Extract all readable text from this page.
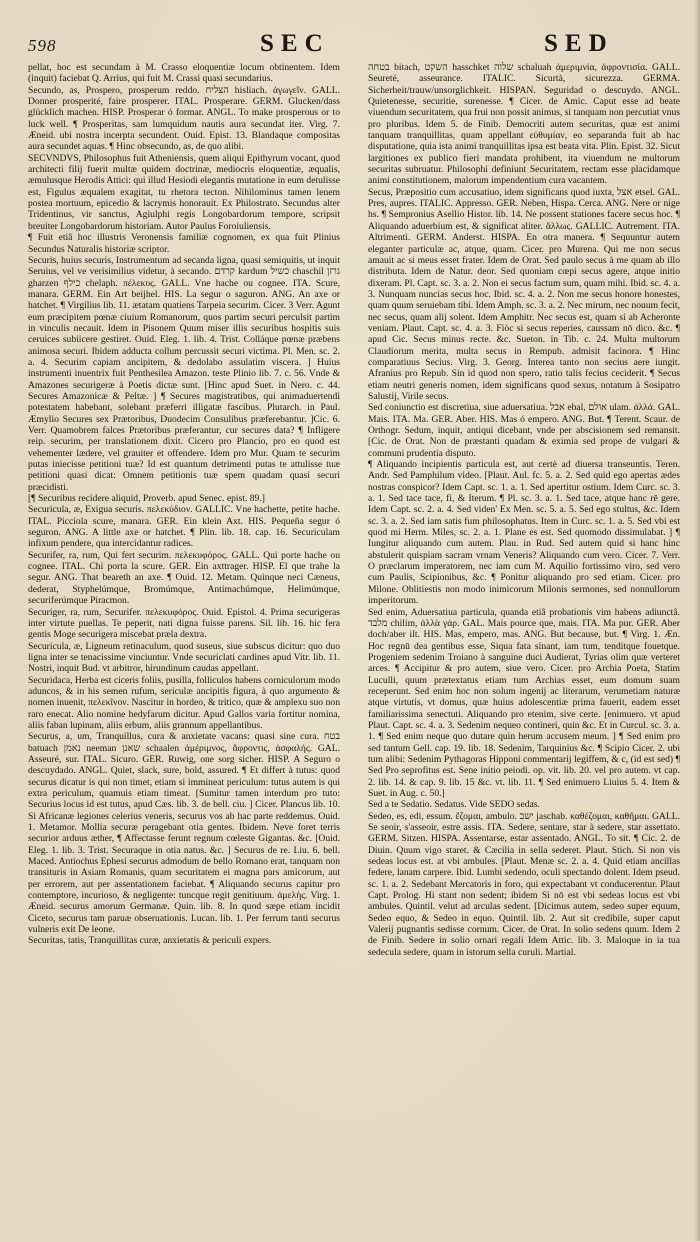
598	SEC	SED

pellat, hoc est secundam à M. Crasso eloquentiæ locum obtinentem. Idem (inquit) faciebat Q. Arrius, qui fuit M. Crassi quasi secundarius.

Secundo, as, Prospero, prosperum reddo. הצליח hisliach. ἀγωγεῖν. GALL. Donner prosperité, faire prosperer. ITAL. Prosperare. GERM. Glucken/dass glücklich machen. HISP. Prosperar ó formar. ANGL. To make prosperous or to luck well. ¶ Prosperitas, sam lumquidum nautis aura secundat iter. Virg. 7. Æneid. ubi nostra incerpta secundent. Ouid. Epist. 13. Blandaque compositas aura secundet aquas. ¶ Hinc obsecundo, as, de quo alibi.

SECVNDVS, Philosophus fuit Atheniensis, quem aliqui Epithyrum vocant, quod architecti filij fuerit multæ quidem doctrinæ, mediocris eloquentiæ, æqualis, æmulusque Herodis Attici: qui illud Hesiodi elegantis mutatione in eum detulisse est, Figulus æqualem exagitat, tu rhetora tecton. Nihilominus tamen lenem postea mortuum, epicedio & lacrymis honorauit. Ex Philostrato. Secundus alter Tridentinus, vir sanctus, Agiulphi regis Longobardorum tempore, scripsit breuiter Longobardorum historiam. Autor Paulus Foroiuliensis.

¶ Fuit etiâ hoc illustris Veronensis familiæ cognomen, ex qua fuit Plinius Secundus Naturalis historiæ scriptor.

Securis, huius securis, Instrumentum ad secanda ligna, quasi semiquitis, ut inquit Seruius, vel ve verisimilius videtur, à secando. קרדם kardum כשיל chaschil גרזן gharzen כילף chelaph. πέλεκυς. GALL. Vne hache ou cognee. ITA. Scure, manara. GERM. Ein Art beijhel. HIS. La segur o saguron. ANG. An axe or hatchet. ¶ Virgilius lib. 11. ætatam quatiens Tarpeia securim. Cicer. 3 Verr. Agunt eum præcipitem pœnæ ciuium Romanorum, quos partim securi perculsit partim in vinculis necauit. Idem in Pisonem Quum miser illis securibus hospitis suis ceruices subiicere gestiret. Ouid. Eleg. 1. lib. 4. Trist. Colláque pœnæ præbens animosa securi. Ibidem adducta collum percussit securi victima. Pl. Men. sc. 2. a. 4. Securim capiam ancipitem, & dedolabo assulatim viscera. ] Huius instrumenti inuentrix fuit Penthesilea Amazon. teste Plinio lib. 7. c. 56. Vnde & Amazones securigeræ à Poetis dictæ sunt. [Hinc apud Suet. in Nero. c. 44. Secures Amazonicæ & Peltæ. ] ¶ Secures magistratibus, qui animaduertendi potestatem habebant, solebant præferri illigatæ fascibus. Plutarch. in Paul. Æmylio Secures sex Prætoribus, Duodecim Consulibus præferebantur. ]Cic. 6. Verr. Quamobrem falces Prætoribus præferantur, cur secures data? ¶ Infligere reip. securim, per translationem dixit. Cicero pro Plancio, pro eo quod est vehementer lædere, vel grauiter et offendere. Idem pro Mur. Quam te securim putas iniecisse petitioni tuæ? Id est quantum detrimenti putas te attulisse tuæ petitioni quasi dicat: Omnem petitionis tuæ spem quadam quasi securi præcidisti.

[¶ Securibus recidere aliquid, Proverb. apud Senec. epist. 89.]

Securicula, æ, Exigua securis. πελεκύδιον. GALLIC. Vne hachette, petite hache. ITAL. Picciola scure, manara. GER. Ein klein Axt. HIS. Pequeña segur ó seguron. ANG. A little axe or hatchet. ¶ Plin. lib. 18. cap. 16. Securiculam infixum pendere, qua intercidantur radices.

Securifer, ra, rum, Qui fert securim. πελεκυφόρος. GALL. Qui porte hache ou cognee. ITAL. Chi porta la scure. GER. Ein axttrager. HISP. El que trahe la segur. ANG. That beareth an axe. ¶ Ouid. 12. Metam. Quinque neci Cæneus, dederat, Styphelúmque, Bromúmque, Antimachúmque, Helimúmque, securiferúmque Piracmon.

Securiger, ra, rum, Securifer. πελεκυφόρος. Ouid. Epistol. 4. Prima securigeras inter virtute puellas. Te peperit, nati digna fuisse parens. Sil. lib. 16. hic fera gentis Moge securigera miscebat præla dextra.

Securicula, æ, Ligneum retinaculum, quod suseus, siue subscus dicitur: quo duo ligna inter se tenacissime vinciuntur. Vnde securiclati cardines apud Vitr. lib. 11. Nostri, inquit Bud. vt arbitror, hirundinum caudas appellant.

Securidaca, Herba est ciceris foliis, pusilla, folliculos habens corniculorum modo aduncos, & in his semen rufum, sericulæ ancipitis figura, à quo argumento & nomen inuenit, πελεκῖνον. Nascitur in hordeo, & tritico, quæ & amplexu suo non raro enecat. Alio nomine hedyfarum dicitur. Apud Gallos varia fortitur nomina, aliis faban lupinam, aliis erbum, aliis grannum appellantibus.

Securus, a, um, Tranquillus, cura & anxietate vacans: quasi sine cura. בטח batuach נאמן neeman שאנן schaalen ἀμέριμνος, ἄφροντις, ἀσφαλής. GAL. Asseuré, sur. ITAL. Sicuro. GER. Ruwig, one sorg sicher. HISP. A Seguro o descuydado. ANGL. Quiet, slack, sure, bold, assured. ¶ Et differt à tutus: quod securus dicatur is qui non timet, etiam si immineat periculum: tutus autem is qui extra periculum, quamuis etiam timeat. [Sumitur tamen interdum pro tuto: Securius locus id est tutus, apud Cæs. lib. 3. de bell. ciu. ] Cicer. Plancus lib. 10. Si Africanæ legiones celerius veneris, securus vos ab hac parte reddemus. Ouid. 1. Metamor. Mollia securæ peragebant otia gentes. Ibidem. Neve foret terris securior arduus æther, ¶ Affectasse ferunt regnum cœleste Gigantas. &c. [Ouid. Eleg. 1. lib. 3. Trist. Securaque in otia natus. &c. ] Securus de re. Liu. 6. bell. Maced. Antiochus Ephesi securus admodum de bello Romano erat, tanquam non transituris in Asiam Romanis, quam securitatem ei magna pars amicorum, aut per errorem, aut per assentationem faciebat. ¶ Aliquando securus capitur pro contemptore, incurioso, & negligente: tuncque regit genitiuum. ἀμελὴς. Virg. 1. Æneid. securus amorum Germanæ. Quin. lib. 8. In quod sæpe etiam incidit Ciceto, securus tam paruæ obseruationis. Lucan. lib. 1. Per ferrum tanti securus vulneris exit De leone.

Securitas, tatis, Tranquillitas curæ, anxietatis & periculi expers.

בטחה bitach, השקט hasschket שלוה schaluah ἀμεριμνία, ἀφροντισία. GALL. Seureté, asseurance. ITALIC. Sicurtà, sicurezza. GERMA. Sicherheit/trauw/unsorglichkeit. HISPAN. Seguridad o descuydo. ANGL. Quietenesse, securitie, surenesse. ¶ Cicer. de Amic. Caput esse ad beate viuendum securitatem, qua frui non possit animus, si tanquam non percutiat vnus pro pluribus. Idem 5. de Finib. Democriti autem securitas, quæ est animi tanquam tranquillitas, quam appellant εὐθυμίαν, eo separanda fuit ab hac disputatione, quia ista animi tranquillitas ipsa est beata vita. Plin. Epist. 32. Sicut largitiones ex publico fieri mandata prohibent, ita viuendum ne multorum securitas subruatur. Philosophi definiunt Securitatem, rectam esse placidamque animi constitutionem, malorum impendentium cura vacantem.

Secus, Præpositio cum accusatiuo, idem significans quod iuxta, אצל etsel. GAL. Pres, aupres. ITALIC. Appresso. GER. Neben, Hispa. Cerca. ANG. Nere or nige hs. ¶ Sempronius Asellio Histor. lib. 14. Ne possent stationes facere secus hoc. ¶ Aliquando aduerbium est, & significat aliter. ἄλλως. GALLIC. Autrement. ITA. Altrimenti. GERM. Anderst. HISPA. En otra manera. ¶ Sequuntur autem eleganter particulæ ac, atque, quam. Cicer. pro Murena. Qui me non secus amauit ac si meus esset frater. Idem de Orat. Sed paulo secus à me quam ab illo distributa. Idem de Natur. deor. Sed quoniam cœpi secus agere, atque initio dixeram. Pl. Capt. sc. 3. a. 2. Non ei secus factum sum, quam mihi. Ibid. sc. 4. a. 3. Nunquam nuncias secus hoc. Ibid. sc. 4. a. 2. Non me secus honore honestes, quam quum seruiebam tibi. Idem Amph. sc. 3. a. 2. Nec mirum, nec nouum fecit, nec secus, quam alij solent. Idem Amphitr. Nec secus est, quam si ab Acheronte veniam. Plaut. Capt. sc. 4. a. 3. Fiòc si secus reperies, caussam nō dico. &c. ¶ apud Cic. Secus minus recte. &c. Sueton. in Tib. c. 24. Multa multorum Claudiorum merita, multa secus in Rempub. admisit facinora. ¶ Hinc comparatiuus Secius. Virg. 3. Georg. Interea tanto non secius aere iungit. Afranius pro Repub. Sin id quod non spero, ratio talis fecius ceciderit. ¶ Secus etiam neutri generis nomen, idem significans quod sexus, notatum à Sosipatro Salustij, Virile secus.

Sed coniunctio est discretiua, siue aduersatiua. אבל ebal, אולם ulam. ἀλλά. GAL. Mais. ITA. Ma. GER. Aber. HIS. Mas ó empero. ANG. But. ¶ Terent. Scaur. de Orthogr. Sedum, inquit, antiqui dicebant, vnde per abscisionem sed remansit. [Cic. de Orat. Non de præstanti quadam & eximia sed prope de vulgari & communi prudentia disputo.

¶ Aliquando incipientis particula est, aut certè ad diuersa transeuntis. Teren. Andr. Sed Pamphilum video. [Plaut. Aul. fc. 5. a. 2. Sed quid ego apertas ædes nostras conspicor? Idem Capt. sc. 1. a. 1. Sed apertitur ostium. Idem Curc. sc. 3. a. 1. Sed tace tace, fi, & Iterum. ¶ Pl. sc. 3. a. 1. Sed tace, atque hanc rē gere. Idem Capt. sc. 2. a. 4. Sed viden' Ex Men. sc. 5. a. 5. Sed ego stultus, &c. Idem sc. 3. a. 2. Sed iam satis fum philosophatus. Item in Curc. sc. 1. a. 5. Sed vbi est quod mi Herm. Miles, sc. 2. a. 1. Plane es est. Sed quomodo dissimulabat. ] ¶ Iungitur aliquando cum autem. Plau. in Rud. Sed autem quid si hanc hinc abstulerit quispiam sacram vrnam Veneris? Aliquando cum vero. Cicer. 7. Verr. O præclarum imperatorem, nec iam cum M. Aquilio fortissimo viro, sed vero cum Paulis, Scipionibus, &c. ¶ Ponitur aliquando pro sed etiam. Cicer. pro Milone. Oblitiestis non modo inimicorum Milonis sermones, sed nonnullorum imperitorum.

Sed enim, Aduersatiua particula, quanda etiâ probationis vim habens adiunctâ. מלבד chilim, ἀλλὰ γάρ. GAL. Mais pource que, mais. ITA. Ma pur. GER. Aber doch/aber iſt. HIS. Mas, empero, mas. ANG. But because, but. ¶ Virg. 1. Æn. Hoc regnū dea gentibus esse, Siqua fata sinant, iam tum, tenditque fouetque. Progeniem sedenim Troiano à sanguine duci Audierat, Tyrias olim quæ verteret arces. ¶ Accipitur & pro autem, siue vero. Cicer. pro Archia Poeta, Statim Luculli, quum prætextatus etiam tum Archias esset, eum domum suam receperunt. Sed enim hoc non solum ingenij ac literarum, verumetiam naturæ atque virtutis, vt domus, quæ huius adolescentiæ prima fauerit, eadem esset familiarissima senectuti. Aliquando pro etenim, sive certe. [enimuero. vt apud Plaut. Capt. sc. 4. a. 3. Sedenim nequeo contineri, quin &c. Et in Curcul. sc. 3. a. 1. ¶ Sed enim neque quo dutare quin herum accusem meum. ] ¶ Sed enim pro sed tantum Gell. cap. 19. lib. 18. Sedenim, Tarquinius &c. ¶ Scipio Cicer. 2. ubi tum alibi: Sedenim Pythagoras Hipponi commentarij legiffem, & c, (id est sed) ¶ Sed Pro seprofitus est. Sene initio peiodi. op. vit. lib. 20. vel pro autem. vt cap. 2. lib. 14. & cap. 9. lib. 15 &c. vt. lib. 11. ¶ Sed enimuero Liuius 5. 4. Item & Suet. in Aug. c. 50.]

Sed a te Sedatio. Sedatus. Vide SEDO sedas.

Sedeo, es, edi, essum. ἕζομαι, ambulo. ישב jaschab. καθέζομαι, καθῆμαι. GALL. Se seoir, s'asseoir, estre assis. ITA. Sedere, sentare, star à sedere, star assettato. GERM. Sitzen. HISPA. Assentarse, estar assentado. ANGL. To sit. ¶ Cic. 2. de Diuin. Quum vigo staret. & Cæcilia in sella sederet. Plaut. Stich. Si non vis sedeas locus est. at vbi ambules. [Plaut. Menæ sc. 2. a. 4. Quid etiam ancillas federe, lanam carpere. Ibid. Lumbi sedendo, oculi spectando dolent. Idem pseud. sc. 1. a. 2. Sedebant Mercatoris in foro, qui expectabant vt conducerentur. Plaut Capt. Prolog. Hi stant non sedent; ibidem Si nō est vbi sedeas locus est vbi ambules. Quintil. velut ad arculas sedent. [Dicimus autem, sedeo super equum, Sedeo equo, & Sedeo in equo. Quintil. lib. 2. Aut sit credibile, super caput Valerij pugnantis sedisse cornum. Cicer. de Orat. In solio sedens quum. Idem 2 de Finib. Sedere in solio ornari regali Idem Attic. lib. 3. Maloque in ia tua sedecula sedere, quam in istorum sella curuli. Martial.
